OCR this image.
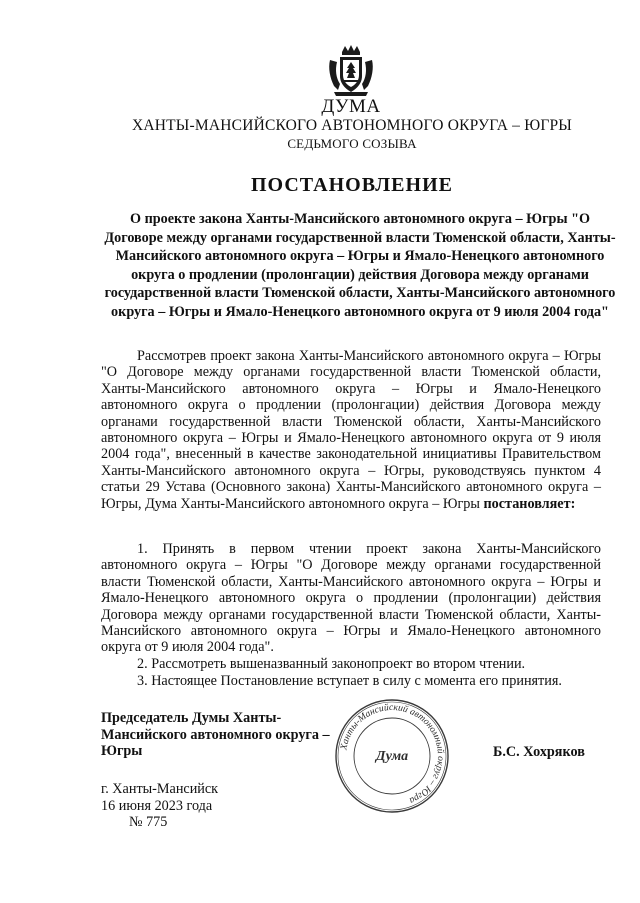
ДУМА
ХАНТЫ-МАНСИЙСКОГО АВТОНОМНОГО ОКРУГА – ЮГРЫ
СЕДЬМОГО СОЗЫВА
ПОСТАНОВЛЕНИЕ

О проекте закона Ханты-Мансийского автономного округа – Югры "О Договоре между органами государственной власти Тюменской области, Ханты-Мансийского автономного округа – Югры и Ямало-Ненецкого автономного округа о продлении (пролонгации) действия Договора между органами государственной власти Тюменской области, Ханты-Мансийского автономного округа – Югры и Ямало-Ненецкого автономного округа от 9 июля 2004 года"

Рассмотрев проект закона Ханты-Мансийского автономного округа – Югры "О Договоре между органами государственной власти Тюменской области, Ханты-Мансийского автономного округа – Югры и Ямало-Ненецкого автономного округа о продлении (пролонгации) действия Договора между органами государственной власти Тюменской области, Ханты-Мансийского автономного округа – Югры и Ямало-Ненецкого автономного округа от 9 июля 2004 года", внесенный в качестве законодательной инициативы Правительством Ханты-Мансийского автономного округа – Югры, руководствуясь пунктом 4 статьи 29 Устава (Основного закона) Ханты-Мансийского автономного округа – Югры, Дума Ханты-Мансийского автономного округа – Югры постановляет:

1. Принять в первом чтении проект закона Ханты-Мансийского автономного округа – Югры "О Договоре между органами государственной власти Тюменской области, Ханты-Мансийского автономного округа – Югры и Ямало-Ненецкого автономного округа о продлении (пролонгации) действия Договора между органами государственной власти Тюменской области, Ханты-Мансийского автономного округа – Югры и Ямало-Ненецкого автономного округа от 9 июля 2004 года".

2. Рассмотреть вышеназванный законопроект во втором чтении.

3. Настоящее Постановление вступает в силу с момента его принятия.

Председатель Думы Ханты-Мансийского автономного округа – Югры	Ханты-Мансийский автономный округ – Югра
Дума	Б.С. Хохряков

г. Ханты-Мансийск
16 июня 2023 года
№ 775
